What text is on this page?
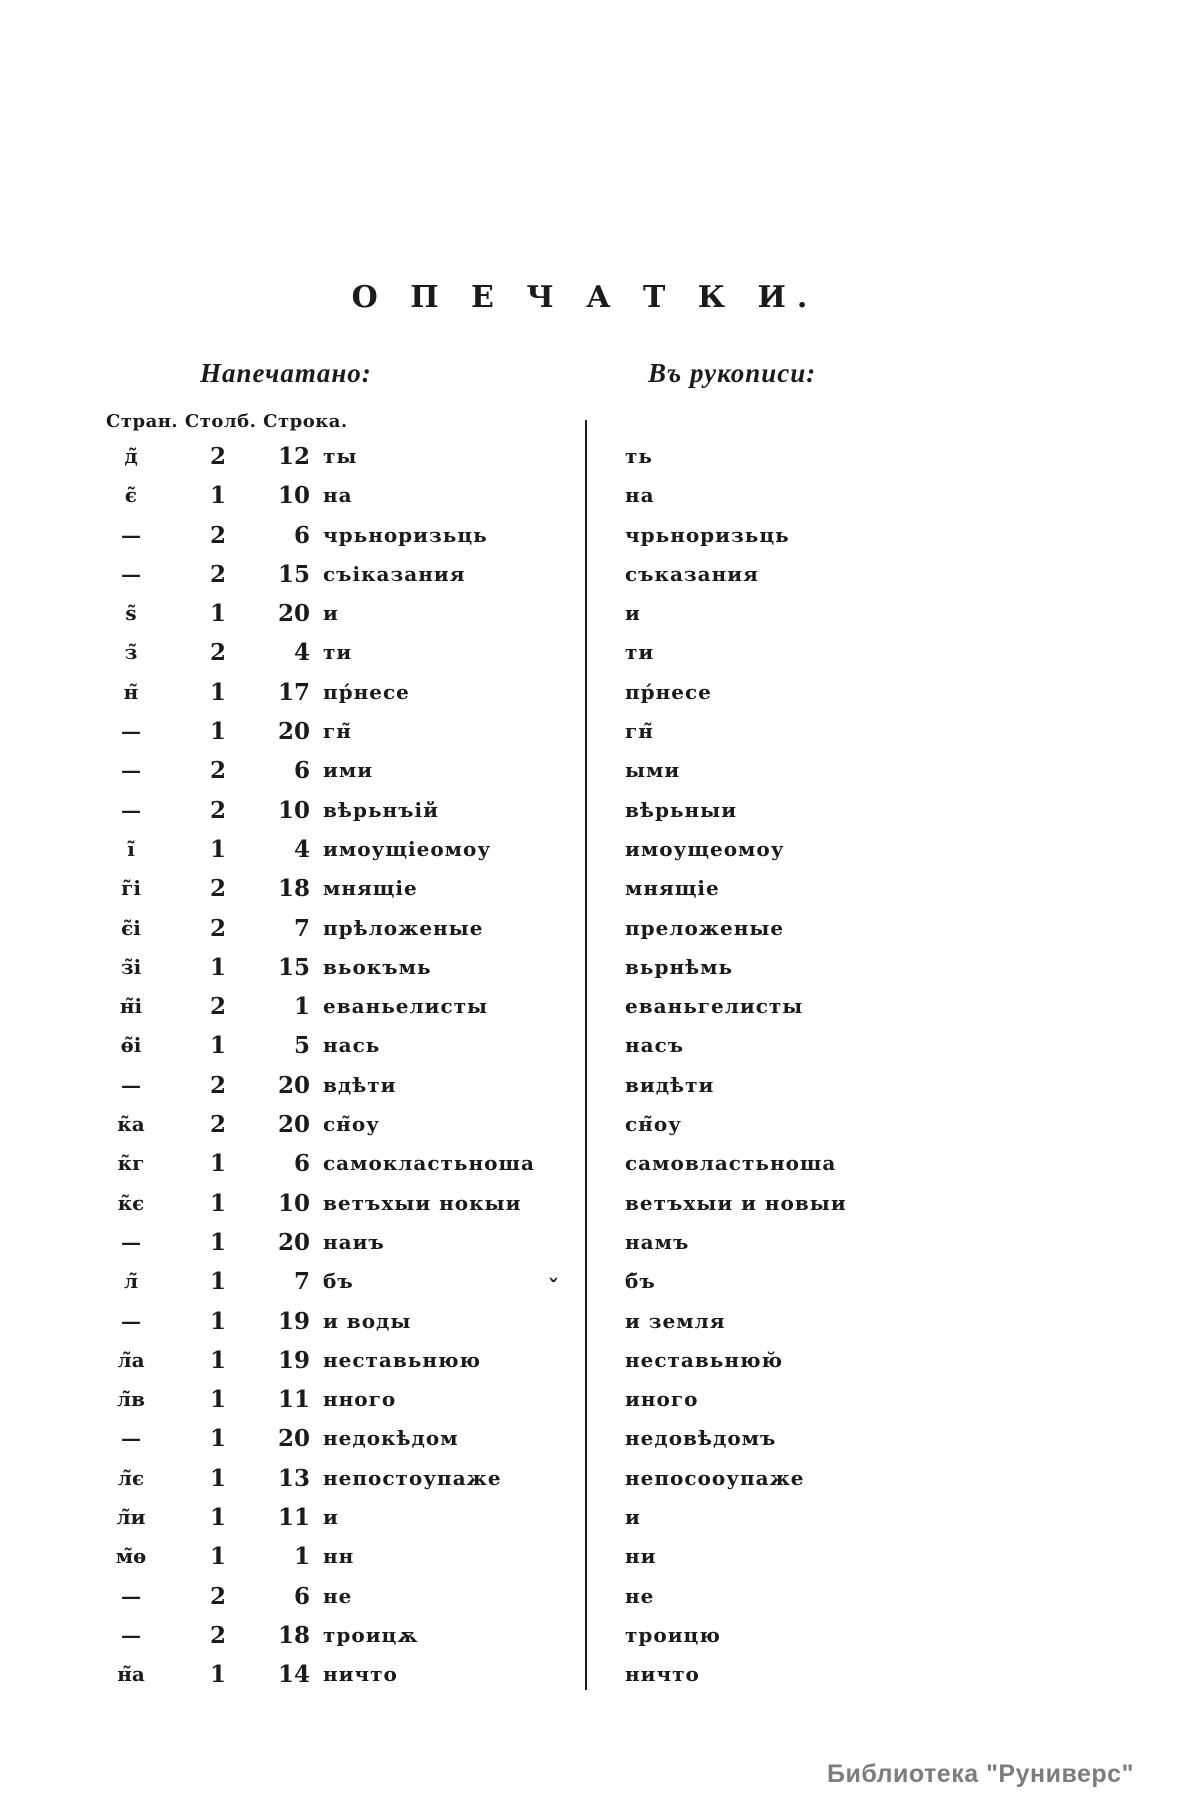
О П Е Ч А Т К И.
Напечатано:	Въ рукописи:
Стран. Столб. Строка.
д̃	2	12 ты	ть
є̃	1	10 на	на
—	2	6 чрьноризьць	чрьноризьць
—	2	15 съіказания	съказания
ѕ̃	1	20 и	и
з̃	2	4 ти	ти
н̃	1	17 пр́несе	пр́несе
—	1	20 гн̃	гн̃
—	2	6 ими	ыми
—	2	10 вѣрьнъій	вѣрьныи
і̃	1	4 имоущіеомоу	имоущеомоу
г̃і	2	18 мнящіе	мнящіе
є̃і	2	7 прѣложеные	преложеные
з̃і	1	15 вьокъмь	вьрнѣмь
н̃і	2	1 еваньелисты	еваньгелисты
ѳ̃і	1	5 нась	насъ
—	2	20 вдѣти	видѣти
к̃а	2	20 сн̃оу	сн̃оу
к̃г	1	6 самокластьноша	самовластьноша
к̃є	1	10 ветъхыи нокыи	ветъхыи и новыи
—	1	20 наиъ	намъ
л̃	1	7 бъ	б̃ъ
—	1	19 и воды	и земля
л̃а	1	19 неставьнюю	неставьнюю̆
л̃в	1	11 нного	иного
—	1	20 недокѣдом	недовѣдомъ
л̃є	1	13 непостоупаже	непосооупаже
л̃и	1	11 и	и
м̃ѳ	1	1 нн	ни
—	2	6 не	не
—	2	18 троицѫ	троицю
н̃а	1	14 ничто	ничто
ˇ
Библиотека "Руниверс"
